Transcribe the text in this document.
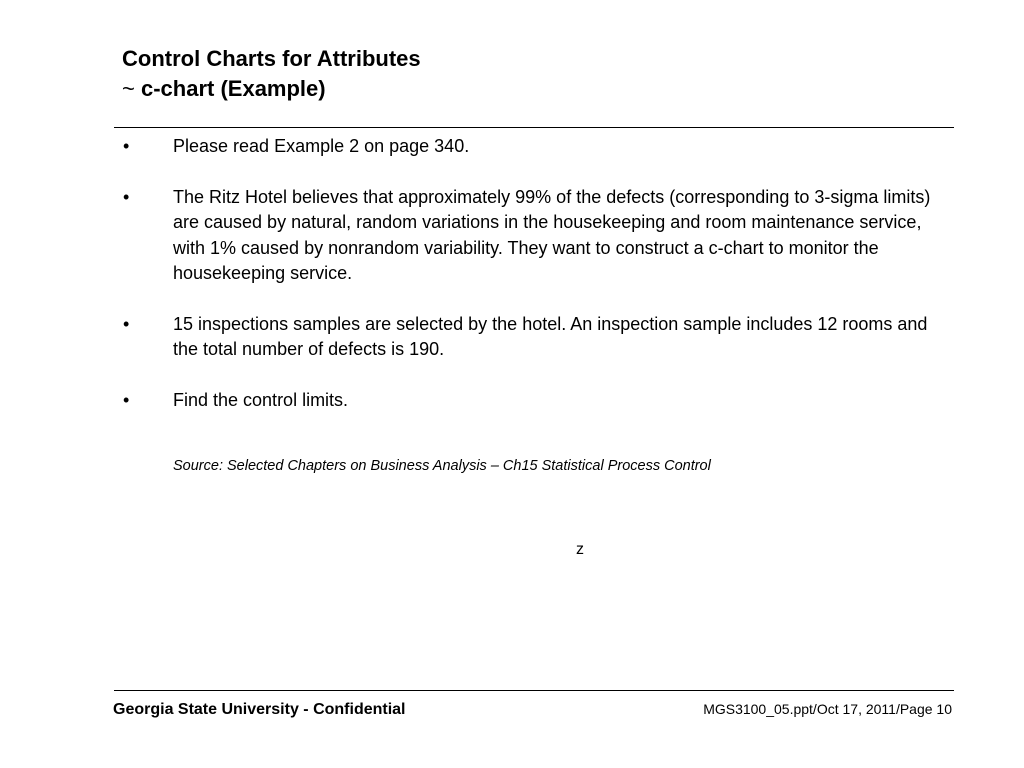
Control Charts for Attributes
~ c-chart (Example)
• Please read Example 2 on page 340.
• The Ritz Hotel believes that approximately 99% of the defects (corresponding to 3-sigma limits) are caused by natural, random variations in the housekeeping and room maintenance service, with 1% caused by nonrandom variability. They want to construct a c-chart to monitor the housekeeping service.
• 15 inspections samples are selected by the hotel. An inspection sample includes 12 rooms and the total number of defects is 190.
• Find the control limits.

Source: Selected Chapters on Business Analysis – Ch15 Statistical Process Control

z
Georgia State University - Confidential	MGS3100_05.ppt/Oct 17, 2011/Page 10
